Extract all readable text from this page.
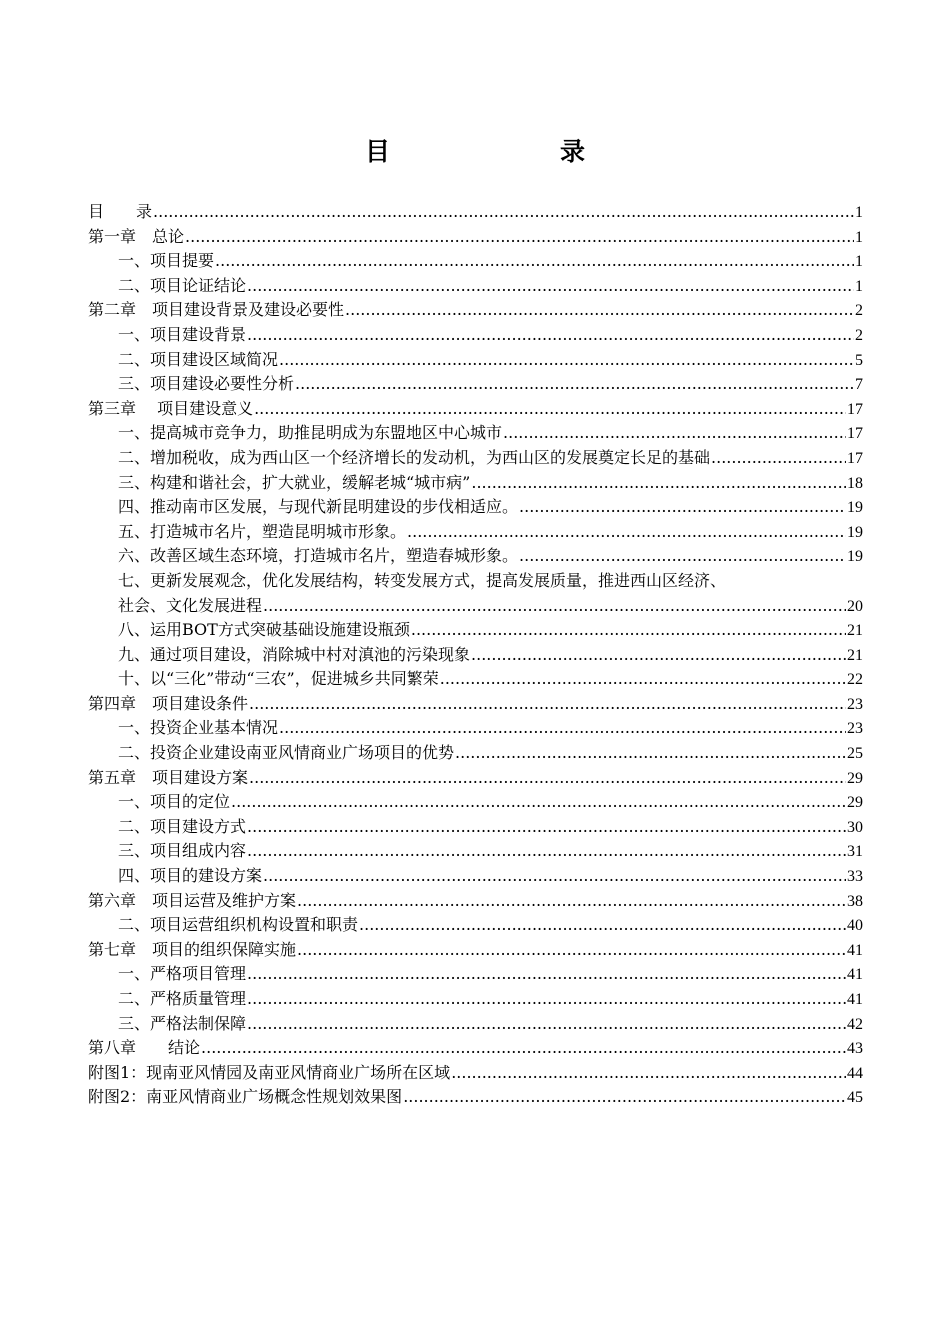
目　　录
目　　录 .....	1
第一章　总论 .....	1
一、项目提要 .....	1
二、项目论证结论 .....	1
第二章　项目建设背景及建设必要性 .....	2
一、项目建设背景 .....	2
二、项目建设区域简况 .....	5
三、项目建设必要性分析 .....	7
第三章　 项目建设意义 .....	17
一、提高城市竞争力，助推昆明成为东盟地区中心城市 .....	17
二、增加税收，成为西山区一个经济增长的发动机，为西山区的发展奠定长足的基础 .....	17
三、构建和谐社会，扩大就业，缓解老城“城市病” .....	18
四、推动南市区发展，与现代新昆明建设的步伐相适应。 .....	19
五、打造城市名片，塑造昆明城市形象。 .....	19
六、改善区域生态环境，打造城市名片，塑造春城形象。 .....	19
七、更新发展观念，优化发展结构，转变发展方式，提高发展质量，推进西山区经济、
社会、文化发展进程 .....	20
八、运用BOT方式突破基础设施建设瓶颈 .....	21
九、通过项目建设，消除城中村对滇池的污染现象 .....	21
十、以“三化”带动“三农”，促进城乡共同繁荣 .....	22
第四章　项目建设条件 .....	23
一、投资企业基本情况 .....	23
二、投资企业建设南亚风情商业广场项目的优势 .....	25
第五章　项目建设方案 .....	29
一、项目的定位 .....	29
二、项目建设方式 .....	30
三、项目组成内容 .....	31
四、项目的建设方案 .....	33
第六章　项目运营及维护方案 .....	38
二、项目运营组织机构设置和职责 .....	40
第七章　项目的组织保障实施 .....	41
一、严格项目管理 .....	41
二、严格质量管理 .....	41
三、严格法制保障 .....	42
第八章　　结论 .....	43
附图1：现南亚风情园及南亚风情商业广场所在区域 .....	44
附图2：南亚风情商业广场概念性规划效果图 .....	45
